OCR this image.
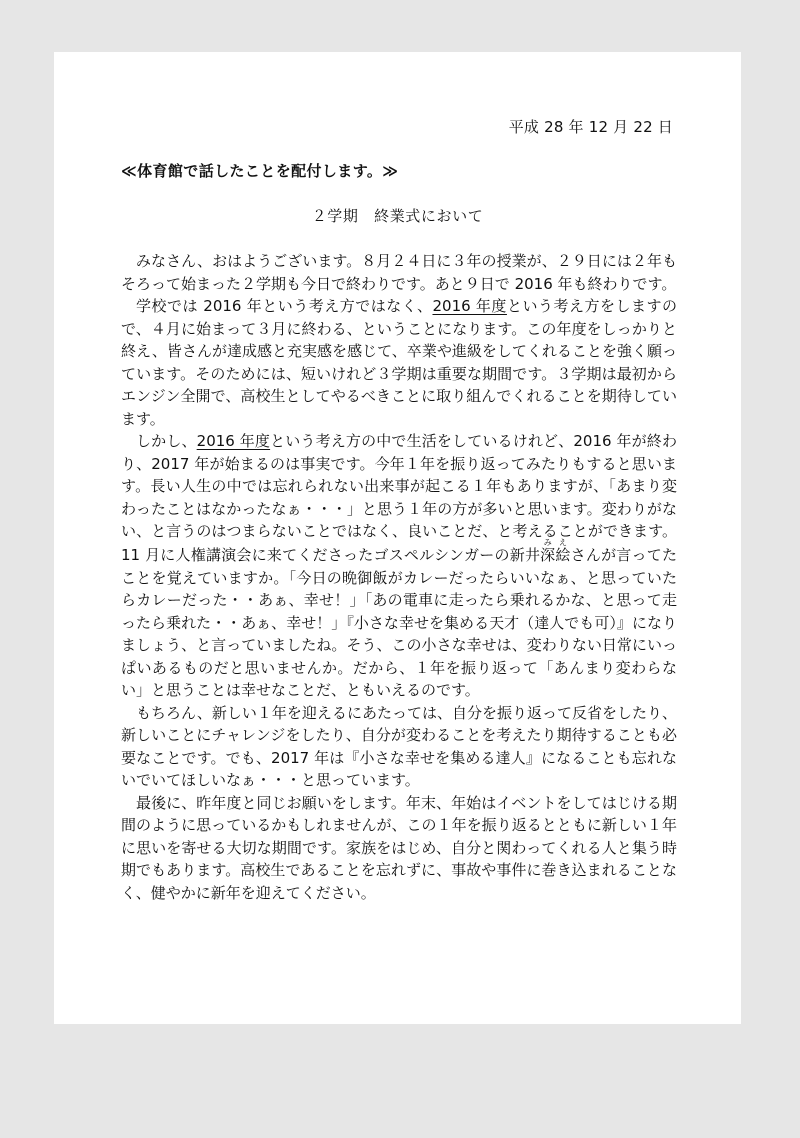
平成 28 年 12 月 22 日
≪体育館で話したことを配付します。≫
２学期　終業式において

みなさん、おはようございます。８月２４日に３年の授業が、２９日には２年もそろって始まった２学期も今日で終わりです。あと９日で 2016 年も終わりです。

学校では 2016 年という考え方ではなく、2016 年度という考え方をしますので、４月に始まって３月に終わる、ということになります。この年度をしっかりと終え、皆さんが達成感と充実感を感じて、卒業や進級をしてくれることを強く願っています。そのためには、短いけれど３学期は重要な期間です。３学期は最初からエンジン全開で、高校生としてやるべきことに取り組んでくれることを期待しています。

しかし、2016 年度という考え方の中で生活をしているけれど、2016 年が終わり、2017 年が始まるのは事実です。今年１年を振り返ってみたりもすると思います。長い人生の中では忘れられない出来事が起こる１年もありますが、「あまり変わったことはなかったなぁ・・・」と思う１年の方が多いと思います。変わりがない、と言うのはつまらないことではなく、良いことだ、と考えることができます。11 月に人権講演会に来てくださったゴスペルシンガーの新井深絵みえさんが言ってたことを覚えていますか。「今日の晩御飯がカレーだったらいいなぁ、と思っていたらカレーだった・・あぁ、幸せ！」「あの電車に走ったら乗れるかな、と思って走ったら乗れた・・あぁ、幸せ！」『小さな幸せを集める天才（達人でも可）』になりましょう、と言っていましたね。そう、この小さな幸せは、変わりない日常にいっぱいあるものだと思いませんか。だから、１年を振り返って「あんまり変わらない」と思うことは幸せなことだ、ともいえるのです。

もちろん、新しい１年を迎えるにあたっては、自分を振り返って反省をしたり、新しいことにチャレンジをしたり、自分が変わることを考えたり期待することも必要なことです。でも、2017 年は『小さな幸せを集める達人』になることも忘れないでいてほしいなぁ・・・と思っています。

最後に、昨年度と同じお願いをします。年末、年始はイベントをしてはじける期間のように思っているかもしれませんが、この１年を振り返るとともに新しい１年に思いを寄せる大切な期間です。家族をはじめ、自分と関わってくれる人と集う時期でもあります。高校生であることを忘れずに、事故や事件に巻き込まれることなく、健やかに新年を迎えてください。
